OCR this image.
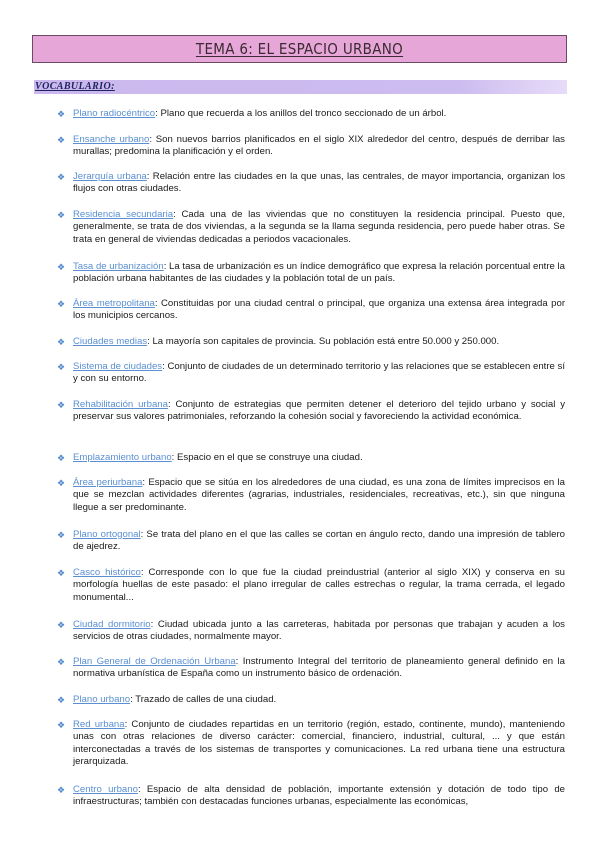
TEMA 6: EL ESPACIO URBANO
VOCABULARIO:
❖ Plano radiocéntrico: Plano que recuerda a los anillos del tronco seccionado de un árbol.
❖ Ensanche urbano: Son nuevos barrios planificados en el siglo XIX alrededor del centro, después de derribar las murallas; predomina la planificación y el orden.
❖ Jerarquía urbana: Relación entre las ciudades en la que unas, las centrales, de mayor importancia, organizan los flujos con otras ciudades.
❖ Residencia secundaria: Cada una de las viviendas que no constituyen la residencia principal. Puesto que, generalmente, se trata de dos viviendas, a la segunda se la llama segunda residencia, pero puede haber otras. Se trata en general de viviendas dedicadas a periodos vacacionales.
❖ Tasa de urbanización: La tasa de urbanización es un índice demográfico que expresa la relación porcentual entre la población urbana habitantes de las ciudades y la población total de un país.
❖ Área metropolitana: Constituidas por una ciudad central o principal, que organiza una extensa área integrada por los municipios cercanos.
❖ Ciudades medias: La mayoría son capitales de provincia. Su población está entre 50.000 y 250.000.
❖ Sistema de ciudades: Conjunto de ciudades de un determinado territorio y las relaciones que se establecen entre sí y con su entorno.
❖ Rehabilitación urbana: Conjunto de estrategias que permiten detener el deterioro del tejido urbano y social y preservar sus valores patrimoniales, reforzando la cohesión social y favoreciendo la actividad económica.
❖ Emplazamiento urbano: Espacio en el que se construye una ciudad.
❖ Área periurbana: Espacio que se sitúa en los alrededores de una ciudad, es una zona de límites imprecisos en la que se mezclan actividades diferentes (agrarias, industriales, residenciales, recreativas, etc.), sin que ninguna llegue a ser predominante.
❖ Plano ortogonal: Se trata del plano en el que las calles se cortan en ángulo recto, dando una impresión de tablero de ajedrez.
❖ Casco histórico: Corresponde con lo que fue la ciudad preindustrial (anterior al siglo XIX) y conserva en su morfología huellas de este pasado: el plano irregular de calles estrechas o regular, la trama cerrada, el legado monumental...
❖ Ciudad dormitorio: Ciudad ubicada junto a las carreteras, habitada por personas que trabajan y acuden a los servicios de otras ciudades, normalmente mayor.
❖ Plan General de Ordenación Urbana: Instrumento Integral del territorio de planeamiento general definido en la normativa urbanística de España como un instrumento básico de ordenación.
❖ Plano urbano: Trazado de calles de una ciudad.
❖ Red urbana: Conjunto de ciudades repartidas en un territorio (región, estado, continente, mundo), manteniendo unas con otras relaciones de diverso carácter: comercial, financiero, industrial, cultural, ... y que están interconectadas a través de los sistemas de transportes y comunicaciones. La red urbana tiene una estructura jerarquizada.
❖ Centro urbano: Espacio de alta densidad de población, importante extensión y dotación de todo tipo de infraestructuras; también con destacadas funciones urbanas, especialmente las económicas,
